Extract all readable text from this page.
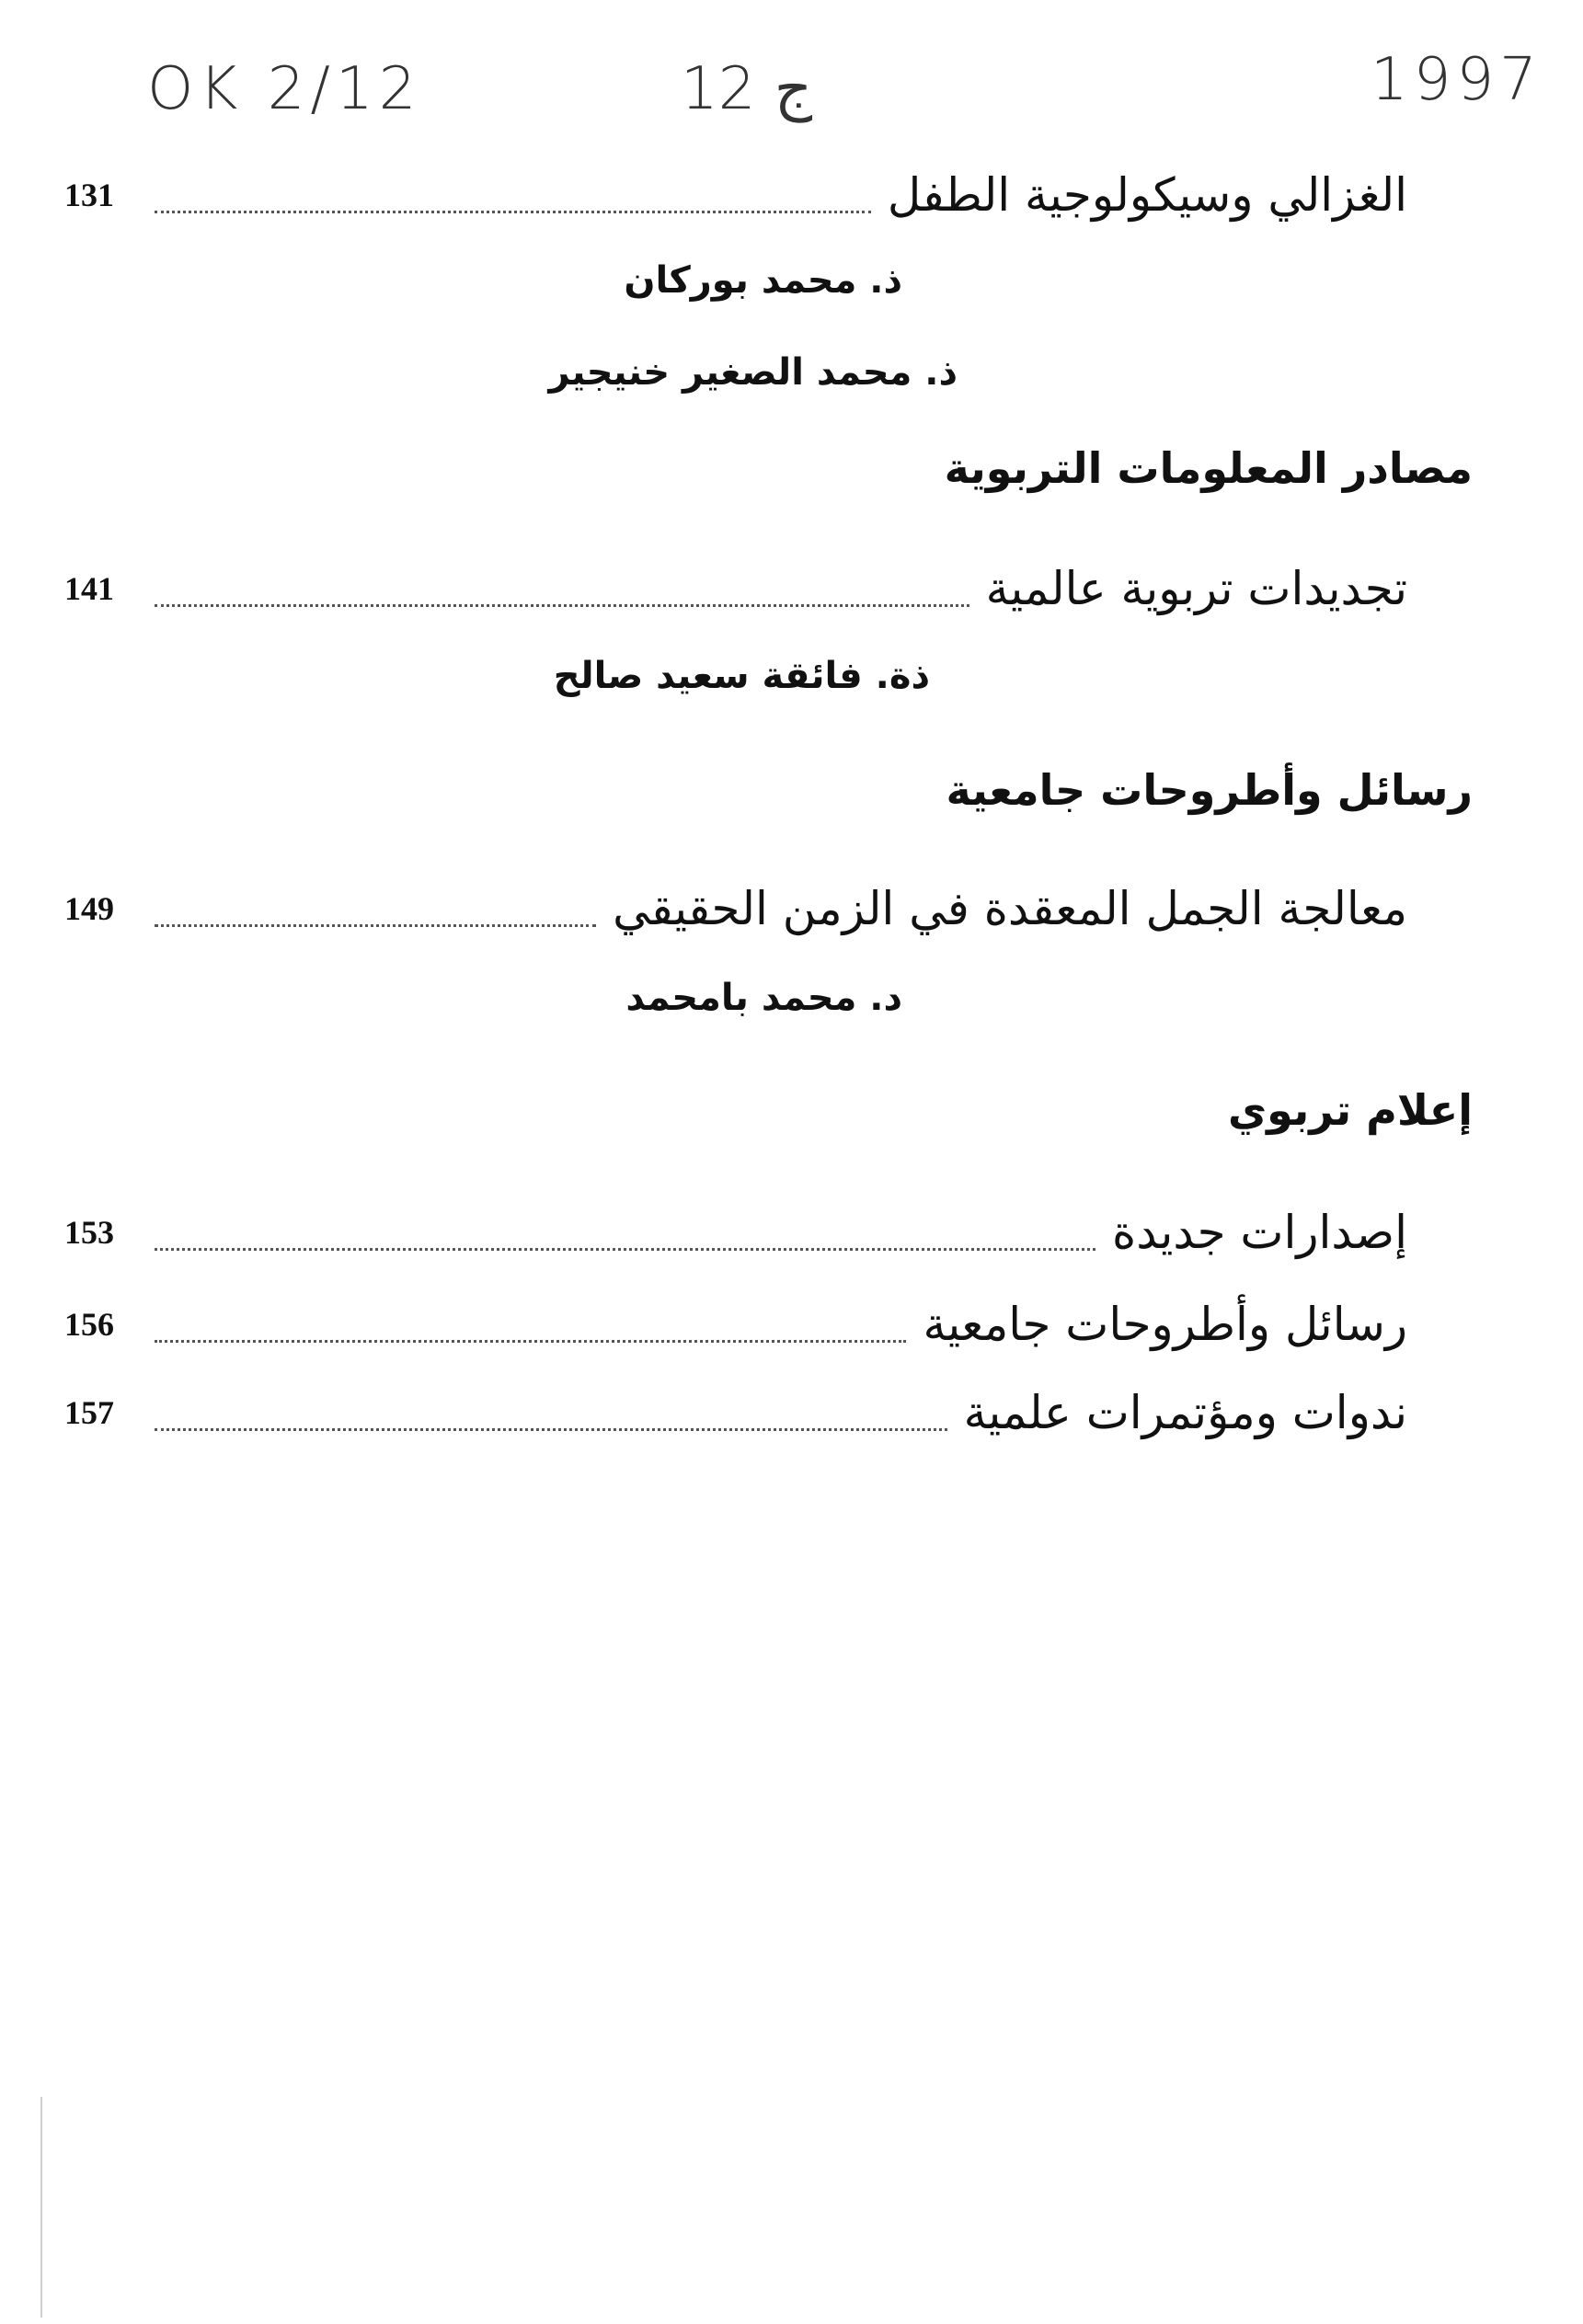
OK 2/12	12 ج	1997
الغزالي وسيكولوجية الطفل
131
ذ. محمد بوركان
ذ. محمد الصغير خنيجير
مصادر المعلومات التربوية
تجديدات تربوية عالمية
141
ذة. فائقة سعيد صالح
رسائل وأطروحات جامعية
معالجة الجمل المعقدة في الزمن الحقيقي
149
د. محمد بامحمد
إعلام تربوي
إصدارات جديدة
153
رسائل وأطروحات جامعية
156
ندوات ومؤتمرات علمية
157
